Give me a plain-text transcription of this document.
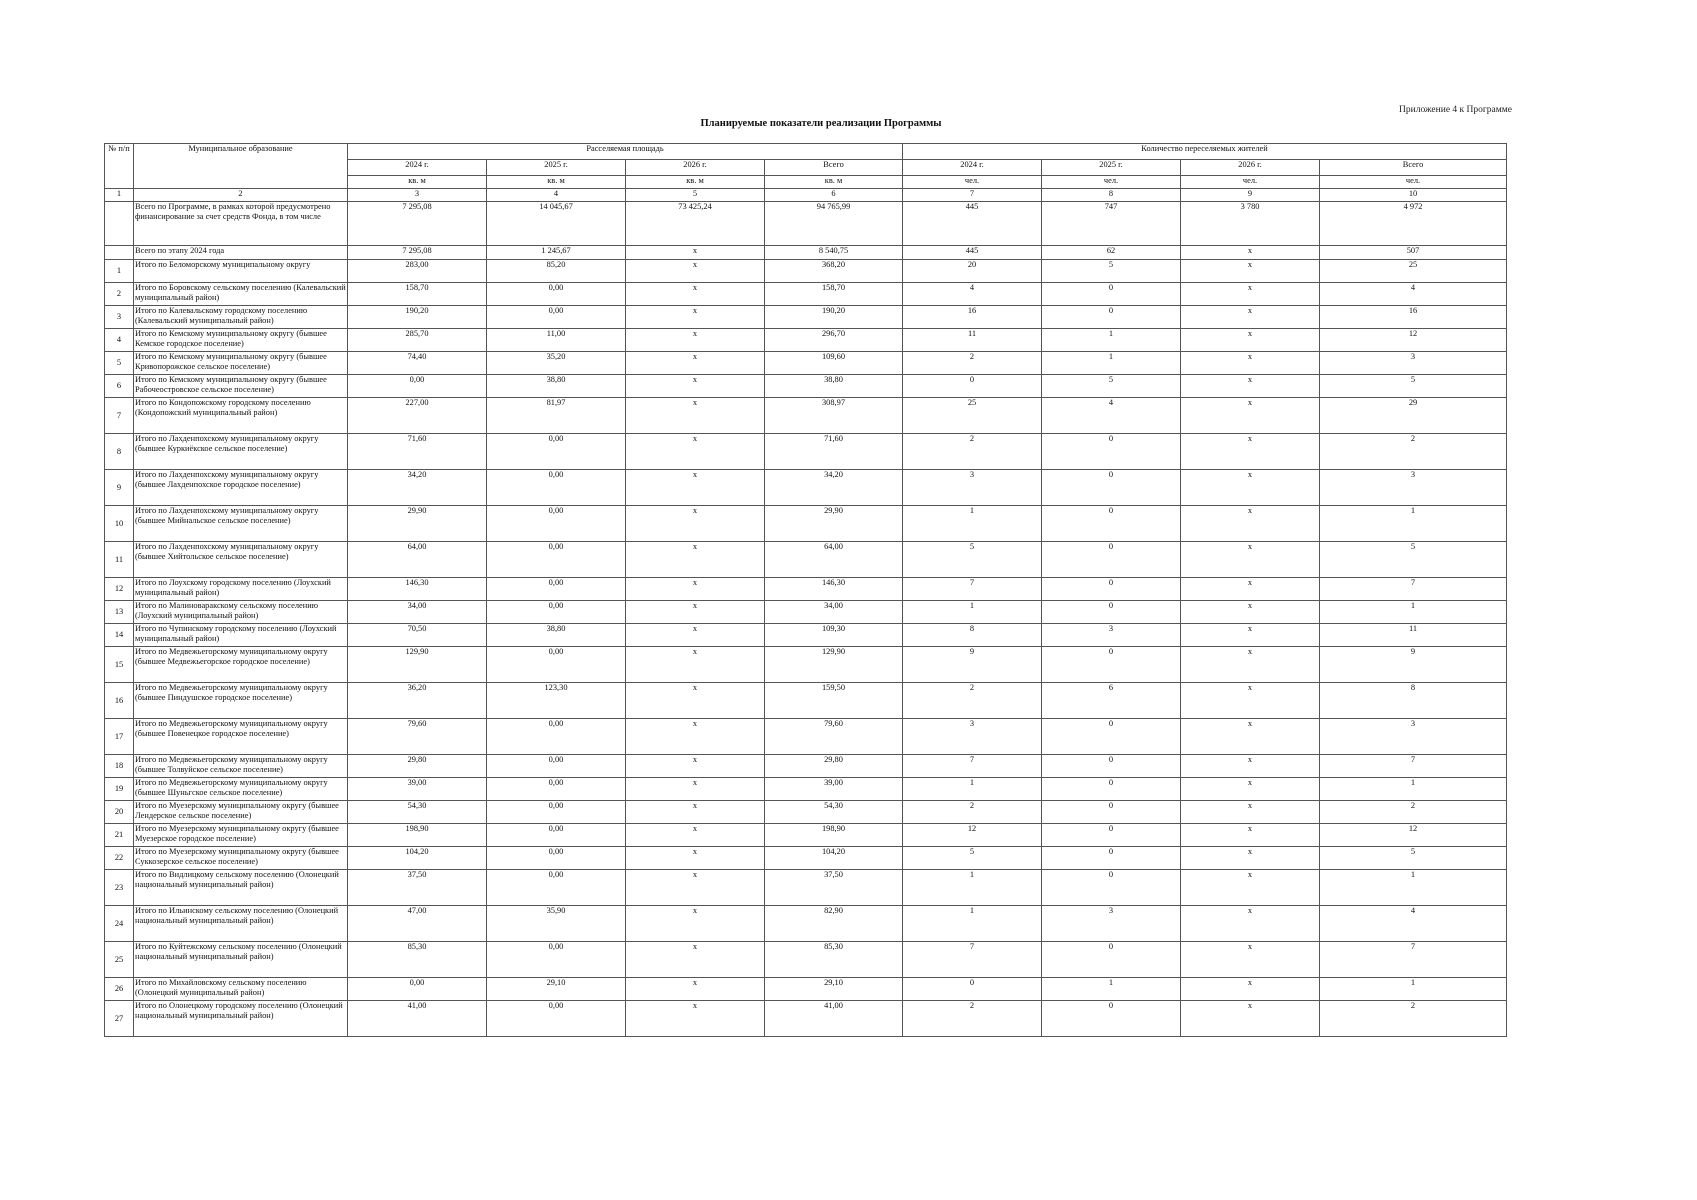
Приложение 4 к Программе
Планируемые показатели реализации Программы
№ п/п	Муниципальное образование	Расселяемая площадь				Количество переселяемых жителей			
		2024 г.	2025 г.	2026 г.	Всего	2024 г.	2025 г.	2026 г.	Всего
		кв. м	кв. м	кв. м	кв. м	чел.	чел.	чел.	чел.
1	2	3	4	5	6	7	8	9	10
	Всего по Программе, в рамках которой предусмотрено финансирование за счет средств Фонда, в том числе	7 295,08	14 045,67	73 425,24	94 765,99	445	747	3 780	4 972
	Всего по этапу 2024 года	7 295,08	1 245,67	x	8 540,75	445	62	x	507
1	Итого по Беломорскому муниципальному округу	283,00	85,20	x	368,20	20	5	x	25
2	Итого по Боровскому сельскому поселению (Калевальский муниципальный район)	158,70	0,00	x	158,70	4	0	x	4
3	Итого по Калевальскому городскому поселению (Калевальский муниципальный район)	190,20	0,00	x	190,20	16	0	x	16
4	Итого по Кемскому муниципальному округу (бывшее Кемское городское поселение)	285,70	11,00	x	296,70	11	1	x	12
5	Итого по Кемскому муниципальному округу (бывшее Кривопорожское сельское поселение)	74,40	35,20	x	109,60	2	1	x	3
6	Итого по Кемскому муниципальному округу (бывшее Рабочеостровское сельское поселение)	0,00	38,80	x	38,80	0	5	x	5
7	Итого по Кондопожскому городскому поселению (Кондопожский муниципальный район)	227,00	81,97	x	308,97	25	4	x	29
8	Итого по Лахденпохскому муниципальному округу (бывшее Куркиёкское сельское поселение)	71,60	0,00	x	71,60	2	0	x	2
9	Итого по Лахденпохскому муниципальному округу (бывшее Лахденпохское городское поселение)	34,20	0,00	x	34,20	3	0	x	3
10	Итого по Лахденпохскому муниципальному округу (бывшее Мийнальское сельское поселение)	29,90	0,00	x	29,90	1	0	x	1
11	Итого по Лахденпохскому муниципальному округу (бывшее Хийтольское сельское поселение)	64,00	0,00	x	64,00	5	0	x	5
12	Итого по Лоухскому городскому поселению (Лоухский муниципальный район)	146,30	0,00	x	146,30	7	0	x	7
13	Итого по Малиноваракскому сельскому поселению (Лоухский муниципальный район)	34,00	0,00	x	34,00	1	0	x	1
14	Итого по Чупинскому городскому поселению (Лоухский муниципальный район)	70,50	38,80	x	109,30	8	3	x	11
15	Итого по Медвежьегорскому муниципальному округу (бывшее Медвежьегорское городское поселение)	129,90	0,00	x	129,90	9	0	x	9
16	Итого по Медвежьегорскому муниципальному округу (бывшее Пиндушское городское поселение)	36,20	123,30	x	159,50	2	6	x	8
17	Итого по Медвежьегорскому муниципальному округу (бывшее Повенецкое городское поселение)	79,60	0,00	x	79,60	3	0	x	3
18	Итого по Медвежьегорскому муниципальному округу (бывшее Толвуйское сельское поселение)	29,80	0,00	x	29,80	7	0	x	7
19	Итого по Медвежьегорскому муниципальному округу (бывшее Шуньгское сельское поселение)	39,00	0,00	x	39,00	1	0	x	1
20	Итого по Муезерскому муниципальному округу (бывшее Лендерское сельское поселение)	54,30	0,00	x	54,30	2	0	x	2
21	Итого по Муезерскому муниципальному округу (бывшее Муезерское городское поселение)	198,90	0,00	x	198,90	12	0	x	12
22	Итого по Муезерскому муниципальному округу (бывшее Суккозерское сельское поселение)	104,20	0,00	x	104,20	5	0	x	5
23	Итого по Видлицкому сельскому поселению (Олонецкий национальный муниципальный район)	37,50	0,00	x	37,50	1	0	x	1
24	Итого по Ильинскому сельскому поселению (Олонецкий национальный муниципальный район)	47,00	35,90	x	82,90	1	3	x	4
25	Итого по Куйтежскому сельскому поселению (Олонецкий национальный муниципальный район)	85,30	0,00	x	85,30	7	0	x	7
26	Итого по Михайловскому сельскому поселению (Олонецкий муниципальный район)	0,00	29,10	x	29,10	0	1	x	1
27	Итого по Олонецкому городскому поселению (Олонецкий национальный муниципальный район)	41,00	0,00	x	41,00	2	0	x	2
